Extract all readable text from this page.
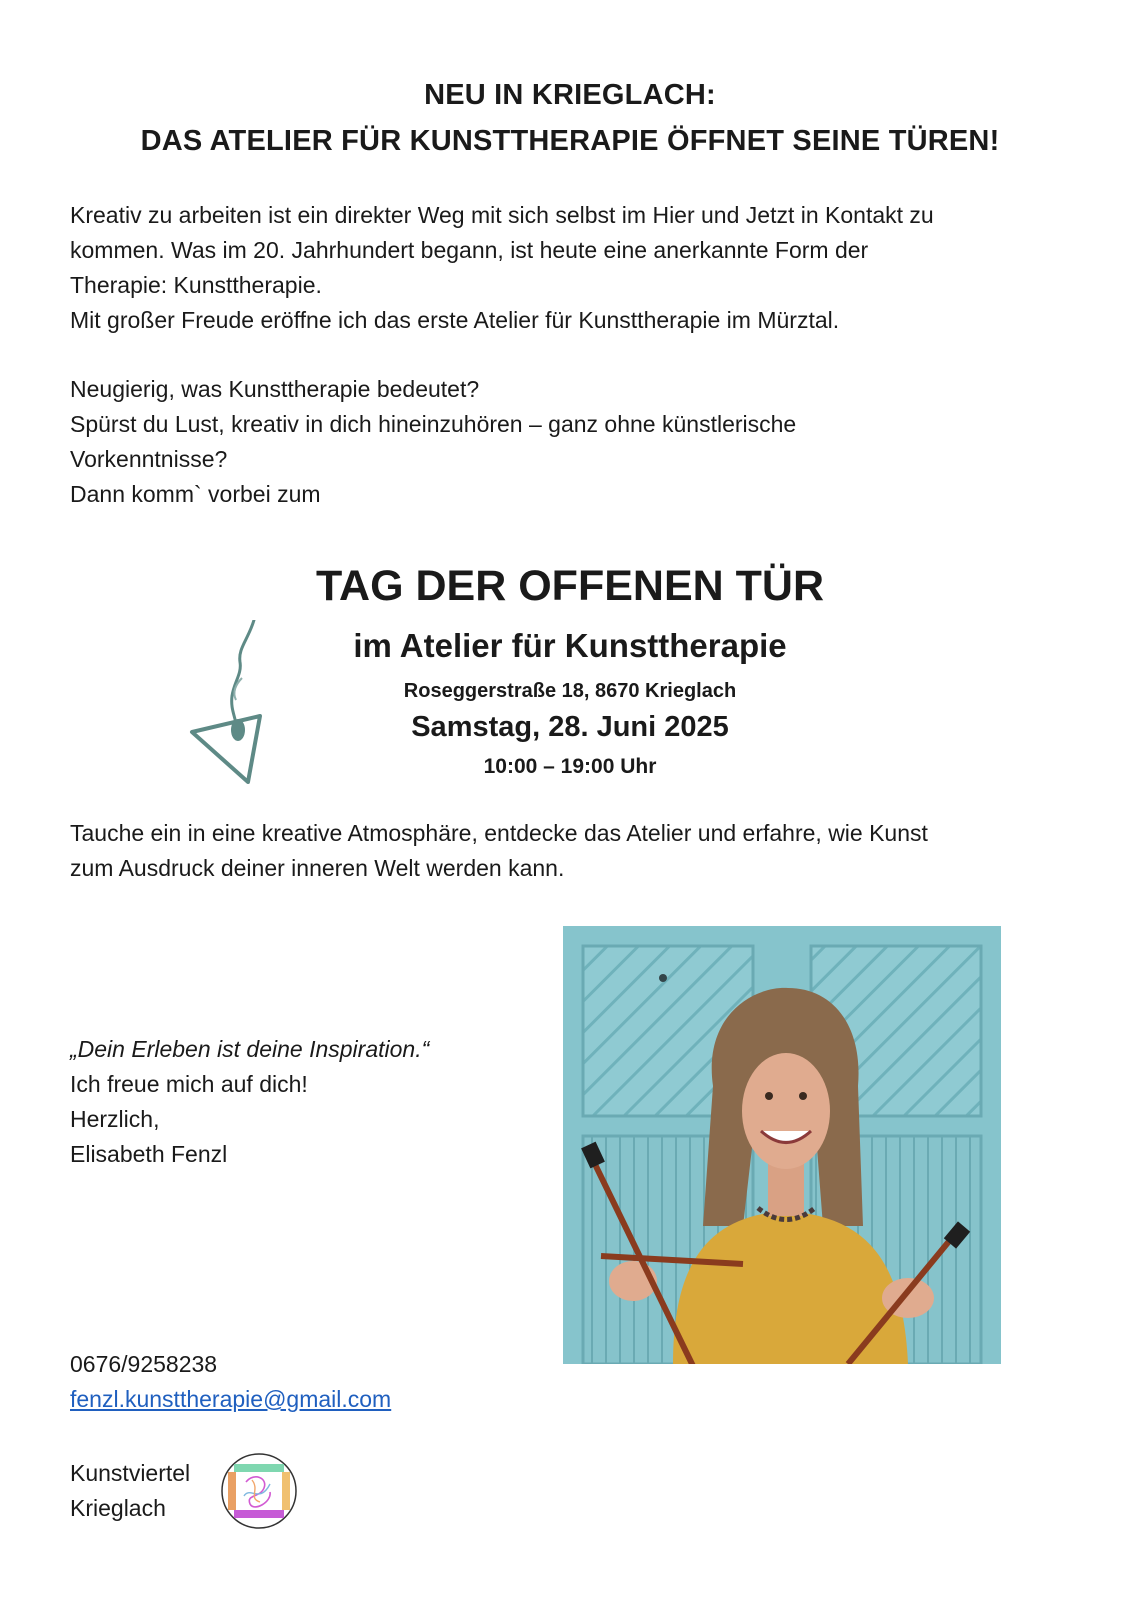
NEU IN KRIEGLACH:
DAS ATELIER FÜR KUNSTTHERAPIE ÖFFNET SEINE TÜREN!
Kreativ zu arbeiten ist ein direkter Weg mit sich selbst im Hier und Jetzt in Kontakt zu
kommen. Was im 20. Jahrhundert begann, ist heute eine anerkannte Form der
Therapie: Kunsttherapie.
Mit großer Freude eröffne ich das erste Atelier für Kunsttherapie im Mürztal.
Neugierig, was Kunsttherapie bedeutet?
Spürst du Lust, kreativ in dich hineinzuhören – ganz ohne künstlerische
Vorkenntnisse?
Dann komm` vorbei zum
TAG DER OFFENEN TÜR
im Atelier für Kunsttherapie
Roseggerstraße 18, 8670 Krieglach
Samstag, 28. Juni 2025
10:00 – 19:00 Uhr
Tauche ein in eine kreative Atmosphäre, entdecke das Atelier und erfahre, wie Kunst
zum Ausdruck deiner inneren Welt werden kann.
„Dein Erleben ist deine Inspiration.“
Ich freue mich auf dich!
Herzlich,
Elisabeth Fenzl
0676/9258238
fenzl.kunsttherapie@gmail.com
Kunstviertel
Krieglach
